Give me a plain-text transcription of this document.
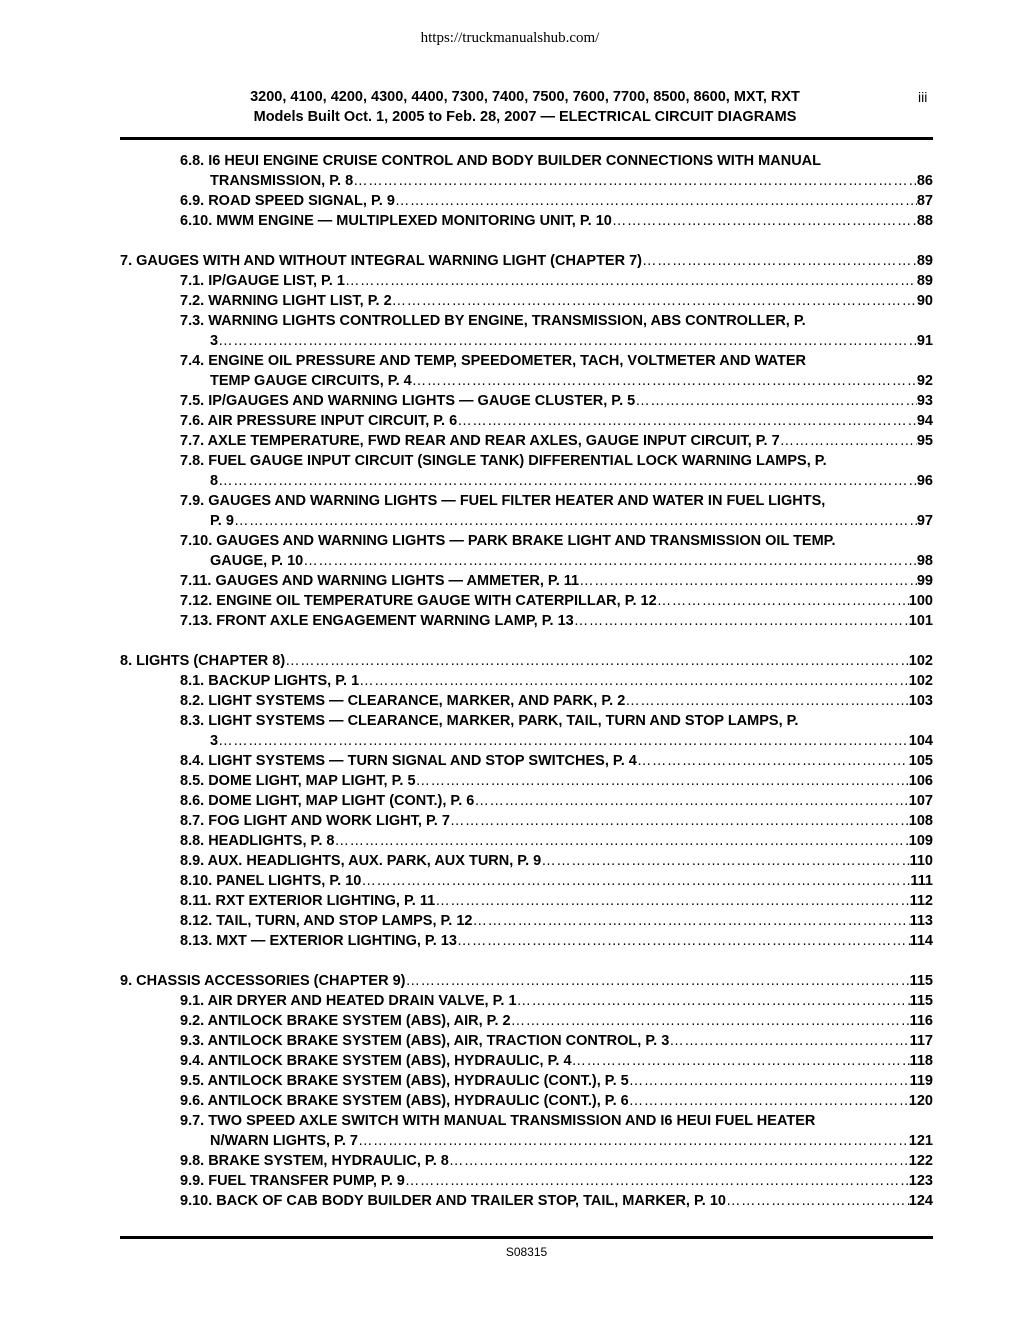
https://truckmanualshub.com/
3200, 4100, 4200, 4300, 4400, 7300, 7400, 7500, 7600, 7700, 8500, 8600, MXT, RXT
Models Built Oct. 1, 2005 to Feb. 28, 2007 — ELECTRICAL CIRCUIT DIAGRAMS
iii
6.8. I6 HEUI ENGINE CRUISE CONTROL AND BODY BUILDER CONNECTIONS WITH MANUAL
TRANSMISSION, P. 8 …………………………………………………………………………………………………………………………………………………………………………………………………………………………………………………	86
6.9. ROAD SPEED SIGNAL, P. 9 …………………………………………………………………………………………………………………………………………………………………………………………………………………………………………………	87
6.10. MWM ENGINE — MULTIPLEXED MONITORING UNIT, P. 10 …………………………………………………………………………………………………………………………………………………………………………………………………………………………………………………	88
7. GAUGES WITH AND WITHOUT INTEGRAL WARNING LIGHT (CHAPTER 7) …………………………………………………………………………………………………………………………………………………………………………………………………………………………………………………	89
7.1. IP/GAUGE LIST, P. 1 …………………………………………………………………………………………………………………………………………………………………………………………………………………………………………………	89
7.2. WARNING LIGHT LIST, P. 2 …………………………………………………………………………………………………………………………………………………………………………………………………………………………………………………	90
7.3. WARNING LIGHTS CONTROLLED BY ENGINE, TRANSMISSION, ABS CONTROLLER, P.
3 …………………………………………………………………………………………………………………………………………………………………………………………………………………………………………………	91
7.4. ENGINE OIL PRESSURE AND TEMP, SPEEDOMETER, TACH, VOLTMETER AND WATER
TEMP GAUGE CIRCUITS, P. 4 …………………………………………………………………………………………………………………………………………………………………………………………………………………………………………………	92
7.5. IP/GAUGES AND WARNING LIGHTS — GAUGE CLUSTER, P. 5 …………………………………………………………………………………………………………………………………………………………………………………………………………………………………………………	93
7.6. AIR PRESSURE INPUT CIRCUIT, P. 6 …………………………………………………………………………………………………………………………………………………………………………………………………………………………………………………	94
7.7. AXLE TEMPERATURE, FWD REAR AND REAR AXLES, GAUGE INPUT CIRCUIT, P. 7 …………………………………………………………………………………………………………………………………………………………………………………………………………………………………………………	95
7.8. FUEL GAUGE INPUT CIRCUIT (SINGLE TANK) DIFFERENTIAL LOCK WARNING LAMPS, P.
8 …………………………………………………………………………………………………………………………………………………………………………………………………………………………………………………	96
7.9. GAUGES AND WARNING LIGHTS — FUEL FILTER HEATER AND WATER IN FUEL LIGHTS,
P. 9 …………………………………………………………………………………………………………………………………………………………………………………………………………………………………………………	97
7.10. GAUGES AND WARNING LIGHTS — PARK BRAKE LIGHT AND TRANSMISSION OIL TEMP.
GAUGE, P. 10 …………………………………………………………………………………………………………………………………………………………………………………………………………………………………………………	98
7.11. GAUGES AND WARNING LIGHTS — AMMETER, P. 11 …………………………………………………………………………………………………………………………………………………………………………………………………………………………………………………	99
7.12. ENGINE OIL TEMPERATURE GAUGE WITH CATERPILLAR, P. 12 …………………………………………………………………………………………………………………………………………………………………………………………………………………………………………………	100
7.13. FRONT AXLE ENGAGEMENT WARNING LAMP, P. 13 …………………………………………………………………………………………………………………………………………………………………………………………………………………………………………………	101
8. LIGHTS (CHAPTER 8) …………………………………………………………………………………………………………………………………………………………………………………………………………………………………………………	102
8.1. BACKUP LIGHTS, P. 1 …………………………………………………………………………………………………………………………………………………………………………………………………………………………………………………	102
8.2. LIGHT SYSTEMS — CLEARANCE, MARKER, AND PARK, P. 2 …………………………………………………………………………………………………………………………………………………………………………………………………………………………………………………	103
8.3. LIGHT SYSTEMS — CLEARANCE, MARKER, PARK, TAIL, TURN AND STOP LAMPS, P.
3 …………………………………………………………………………………………………………………………………………………………………………………………………………………………………………………	104
8.4. LIGHT SYSTEMS — TURN SIGNAL AND STOP SWITCHES, P. 4 …………………………………………………………………………………………………………………………………………………………………………………………………………………………………………………	105
8.5. DOME LIGHT, MAP LIGHT, P. 5 …………………………………………………………………………………………………………………………………………………………………………………………………………………………………………………	106
8.6. DOME LIGHT, MAP LIGHT (CONT.), P. 6 …………………………………………………………………………………………………………………………………………………………………………………………………………………………………………………	107
8.7. FOG LIGHT AND WORK LIGHT, P. 7 …………………………………………………………………………………………………………………………………………………………………………………………………………………………………………………	108
8.8. HEADLIGHTS, P. 8 …………………………………………………………………………………………………………………………………………………………………………………………………………………………………………………	109
8.9. AUX. HEADLIGHTS, AUX. PARK, AUX TURN, P. 9 …………………………………………………………………………………………………………………………………………………………………………………………………………………………………………………	110
8.10. PANEL LIGHTS, P. 10 …………………………………………………………………………………………………………………………………………………………………………………………………………………………………………………	111
8.11. RXT EXTERIOR LIGHTING, P. 11 …………………………………………………………………………………………………………………………………………………………………………………………………………………………………………………	112
8.12. TAIL, TURN, AND STOP LAMPS, P. 12 …………………………………………………………………………………………………………………………………………………………………………………………………………………………………………………	113
8.13. MXT — EXTERIOR LIGHTING, P. 13 …………………………………………………………………………………………………………………………………………………………………………………………………………………………………………………	114
9. CHASSIS ACCESSORIES (CHAPTER 9) …………………………………………………………………………………………………………………………………………………………………………………………………………………………………………………	115
9.1. AIR DRYER AND HEATED DRAIN VALVE, P. 1 …………………………………………………………………………………………………………………………………………………………………………………………………………………………………………………	115
9.2. ANTILOCK BRAKE SYSTEM (ABS), AIR, P. 2 …………………………………………………………………………………………………………………………………………………………………………………………………………………………………………………	116
9.3. ANTILOCK BRAKE SYSTEM (ABS), AIR, TRACTION CONTROL, P. 3 …………………………………………………………………………………………………………………………………………………………………………………………………………………………………………………	117
9.4. ANTILOCK BRAKE SYSTEM (ABS), HYDRAULIC, P. 4 …………………………………………………………………………………………………………………………………………………………………………………………………………………………………………………	118
9.5. ANTILOCK BRAKE SYSTEM (ABS), HYDRAULIC (CONT.), P. 5 …………………………………………………………………………………………………………………………………………………………………………………………………………………………………………………	119
9.6. ANTILOCK BRAKE SYSTEM (ABS), HYDRAULIC (CONT.), P. 6 …………………………………………………………………………………………………………………………………………………………………………………………………………………………………………………	120
9.7. TWO SPEED AXLE SWITCH WITH MANUAL TRANSMISSION AND I6 HEUI FUEL HEATER
N/WARN LIGHTS, P. 7 …………………………………………………………………………………………………………………………………………………………………………………………………………………………………………………	121
9.8. BRAKE SYSTEM, HYDRAULIC, P. 8 …………………………………………………………………………………………………………………………………………………………………………………………………………………………………………………	122
9.9. FUEL TRANSFER PUMP, P. 9 …………………………………………………………………………………………………………………………………………………………………………………………………………………………………………………	123
9.10. BACK OF CAB BODY BUILDER AND TRAILER STOP, TAIL, MARKER, P. 10 …………………………………………………………………………………………………………………………………………………………………………………………………………………………………………………	124
S08315
